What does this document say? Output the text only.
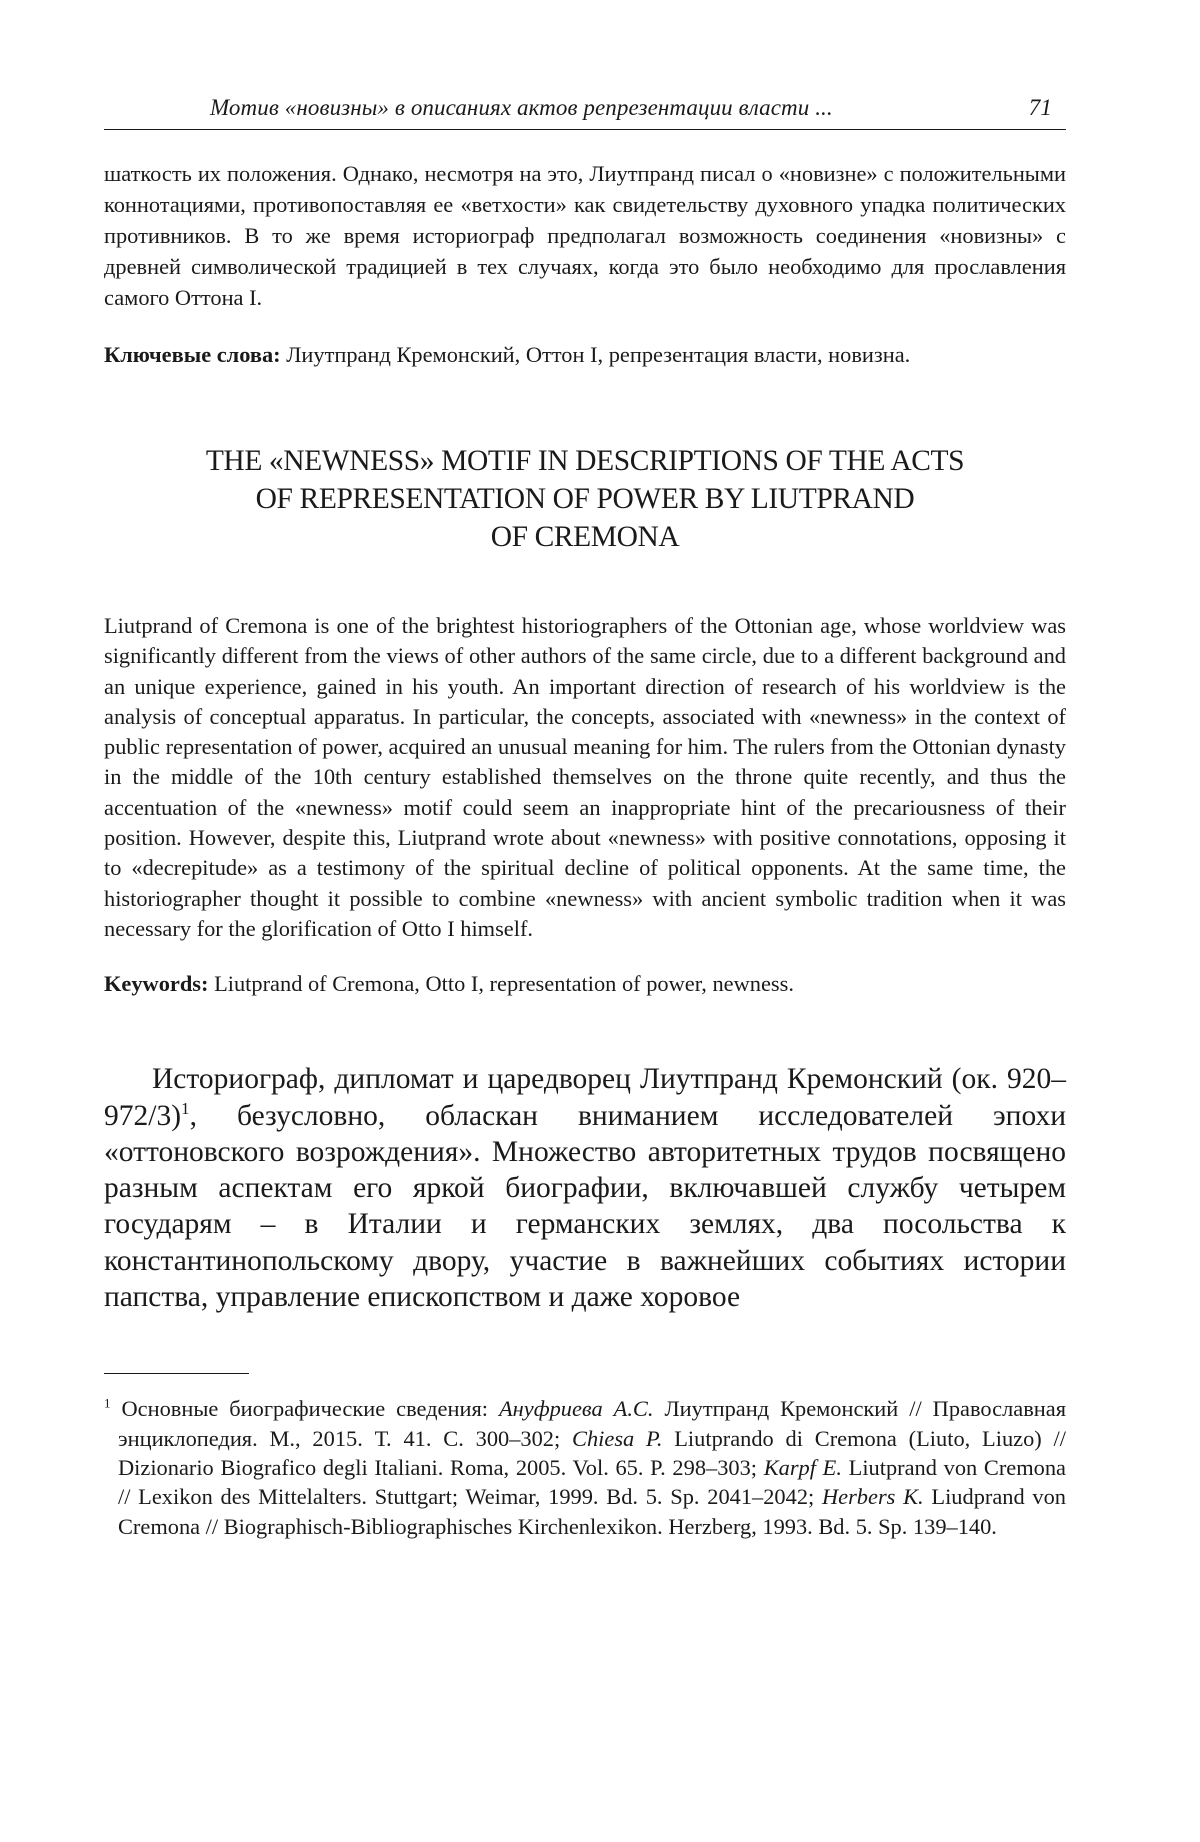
Мотив «новизны» в описаниях актов репрезентации власти ...	71

шаткость их положения. Однако, несмотря на это, Лиутпранд писал о «новизне» с положительными коннотациями, противопоставляя ее «ветхости» как свидетельству духовного упадка политических противников. В то же время историограф предполагал возможность соединения «новизны» с древней символической традицией в тех случаях, когда это было необходимо для прославления самого Оттона I.

Ключевые слова: Лиутпранд Кремонский, Оттон I, репрезентация власти, новизна.

THE «NEWNESS» MOTIF IN DESCRIPTIONS OF THE ACTS
OF REPRESENTATION OF POWER BY LIUTPRAND
OF CREMONA

Liutprand of Cremona is one of the brightest historiographers of the Ottonian age, whose worldview was significantly different from the views of other authors of the same circle, due to a different background and an unique experience, gained in his youth. An important direction of research of his worldview is the analysis of conceptual apparatus. In particular, the concepts, associated with «newness» in the context of public representation of power, acquired an unusual meaning for him. The rulers from the Ottonian dynasty in the middle of the 10th century established themselves on the throne quite recently, and thus the accentuation of the «newness» motif could seem an inappropriate hint of the precariousness of their position. However, despite this, Liutprand wrote about «newness» with positive connotations, opposing it to «decrepitude» as a testimony of the spiritual decline of political opponents. At the same time, the historiographer thought it possible to combine «newness» with ancient symbolic tradition when it was necessary for the glorification of Otto I himself.

Keywords: Liutprand of Cremona, Otto I, representation of power, newness.

Историограф, дипломат и царедворец Лиутпранд Кремонский (ок. 920–972/3)1, безусловно, обласкан вниманием исследователей эпохи «оттоновского возрождения». Множество авторитетных трудов посвящено разным аспектам его яркой биографии, включавшей службу четырем государям – в Италии и германских землях, два посольства к константинопольскому двору, участие в важнейших событиях истории папства, управление епископством и даже хоровое

1 Основные биографические сведения: Ануфриева А.С. Лиутпранд Кремонский // Православная энциклопедия. М., 2015. Т. 41. С. 300–302; Chiesa P. Liutprando di Cremona (Liuto, Liuzo) // Dizionario Biografico degli Italiani. Roma, 2005. Vol. 65. P. 298–303; Karpf E. Liutprand von Cremona // Lexikon des Mittelalters. Stuttgart; Weimar, 1999. Bd. 5. Sp. 2041–2042; Herbers K. Liudprand von Cremona // Biographisch-Bibliographisches Kirchenlexikon. Herzberg, 1993. Bd. 5. Sp. 139–140.
